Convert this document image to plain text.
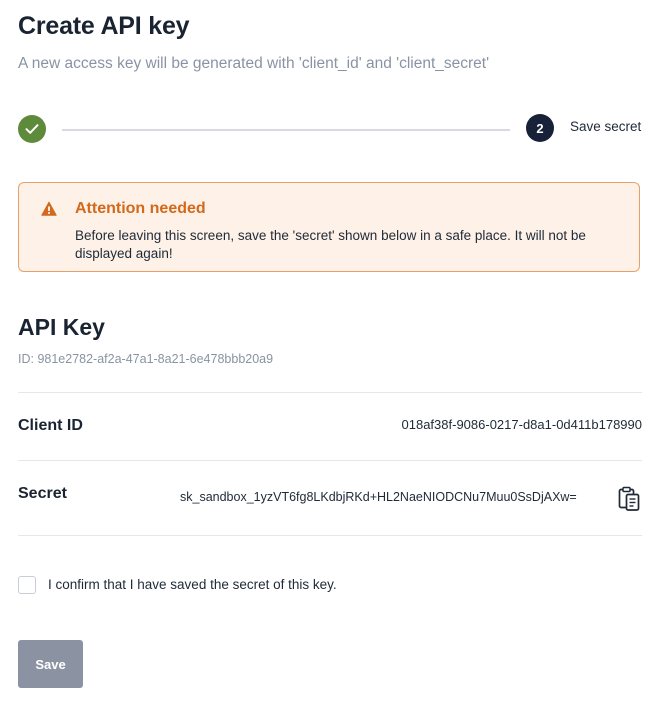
Create API key
A new access key will be generated with 'client_id' and 'client_secret'
2	Save secret
Attention needed
Before leaving this screen, save the 'secret' shown below in a safe place. It will not be displayed again!
API Key
ID: 981e2782-af2a-47a1-8a21-6e478bbb20a9
Client ID	018af38f-9086-0217-d8a1-0d411b178990
Secret	sk_sandbox_1yzVT6fg8LKdbjRKd+HL2NaeNIODCNu7Muu0SsDjAXw=
I confirm that I have saved the secret of this key.
Save
